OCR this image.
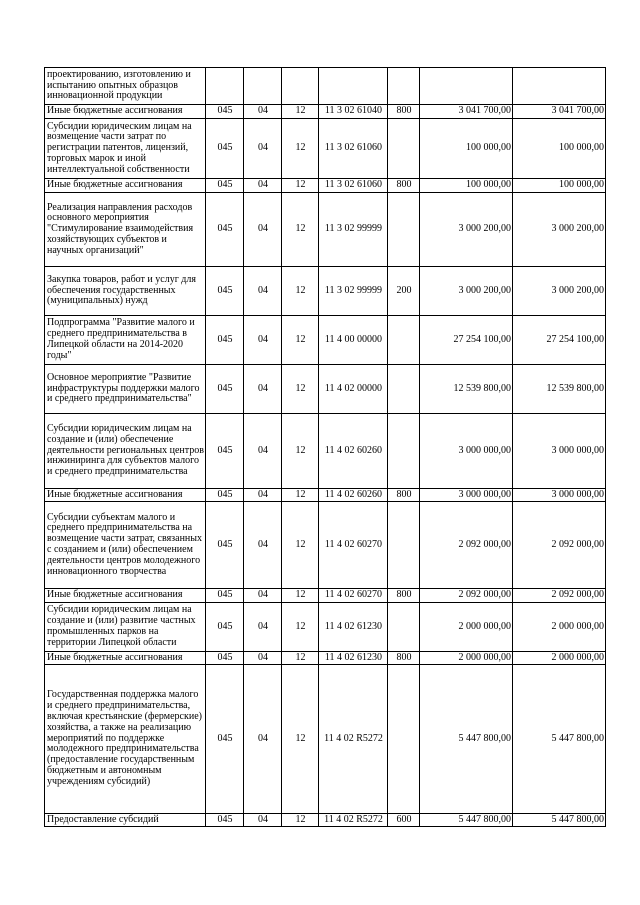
проектированию, изготовлению и испытанию опытных образцов инновационной продукции							
Иные бюджетные ассигнования	045	04	12	11 3 02 61040	800	3 041 700,00	3 041 700,00
Субсидии юридическим лицам на возмещение части затрат по регистрации патентов, лицензий, торговых марок и иной интеллектуальной собственности	045	04	12	11 3 02 61060		100 000,00	100 000,00
Иные бюджетные ассигнования	045	04	12	11 3 02 61060	800	100 000,00	100 000,00
Реализация направления расходов основного мероприятия "Стимулирование взаимодействия хозяйствующих субъектов и научных организаций"	045	04	12	11 3 02 99999		3 000 200,00	3 000 200,00
Закупка товаров, работ и услуг для обеспечения государственных (муниципальных) нужд	045	04	12	11 3 02 99999	200	3 000 200,00	3 000 200,00
Подпрограмма "Развитие малого и среднего предпринимательства в Липецкой области на 2014-2020 годы"	045	04	12	11 4 00 00000		27 254 100,00	27 254 100,00
Основное мероприятие "Развитие инфраструктуры поддержки малого и среднего предпринимательства"	045	04	12	11 4 02 00000		12 539 800,00	12 539 800,00
Субсидии юридическим лицам на создание и (или) обеспечение деятельности региональных центров инжиниринга для субъектов малого и среднего предпринимательства	045	04	12	11 4 02 60260		3 000 000,00	3 000 000,00
Иные бюджетные ассигнования	045	04	12	11 4 02 60260	800	3 000 000,00	3 000 000,00
Субсидии субъектам малого и среднего предпринимательства на возмещение части затрат, связанных с созданием и (или) обеспечением деятельности центров молодежного инновационного творчества	045	04	12	11 4 02 60270		2 092 000,00	2 092 000,00
Иные бюджетные ассигнования	045	04	12	11 4 02 60270	800	2 092 000,00	2 092 000,00
Субсидии юридическим лицам на создание и (или) развитие частных промышленных парков на территории Липецкой области	045	04	12	11 4 02 61230		2 000 000,00	2 000 000,00
Иные бюджетные ассигнования	045	04	12	11 4 02 61230	800	2 000 000,00	2 000 000,00
Государственная поддержка малого и среднего предпринимательства, включая крестьянские (фермерские) хозяйства, а также на реализацию мероприятий по поддержке молодежного предпринимательства (предоставление государственным бюджетным и автономным учреждениям субсидий)	045	04	12	11 4 02 R5272		5 447 800,00	5 447 800,00
Предоставление субсидий	045	04	12	11 4 02 R5272	600	5 447 800,00	5 447 800,00
